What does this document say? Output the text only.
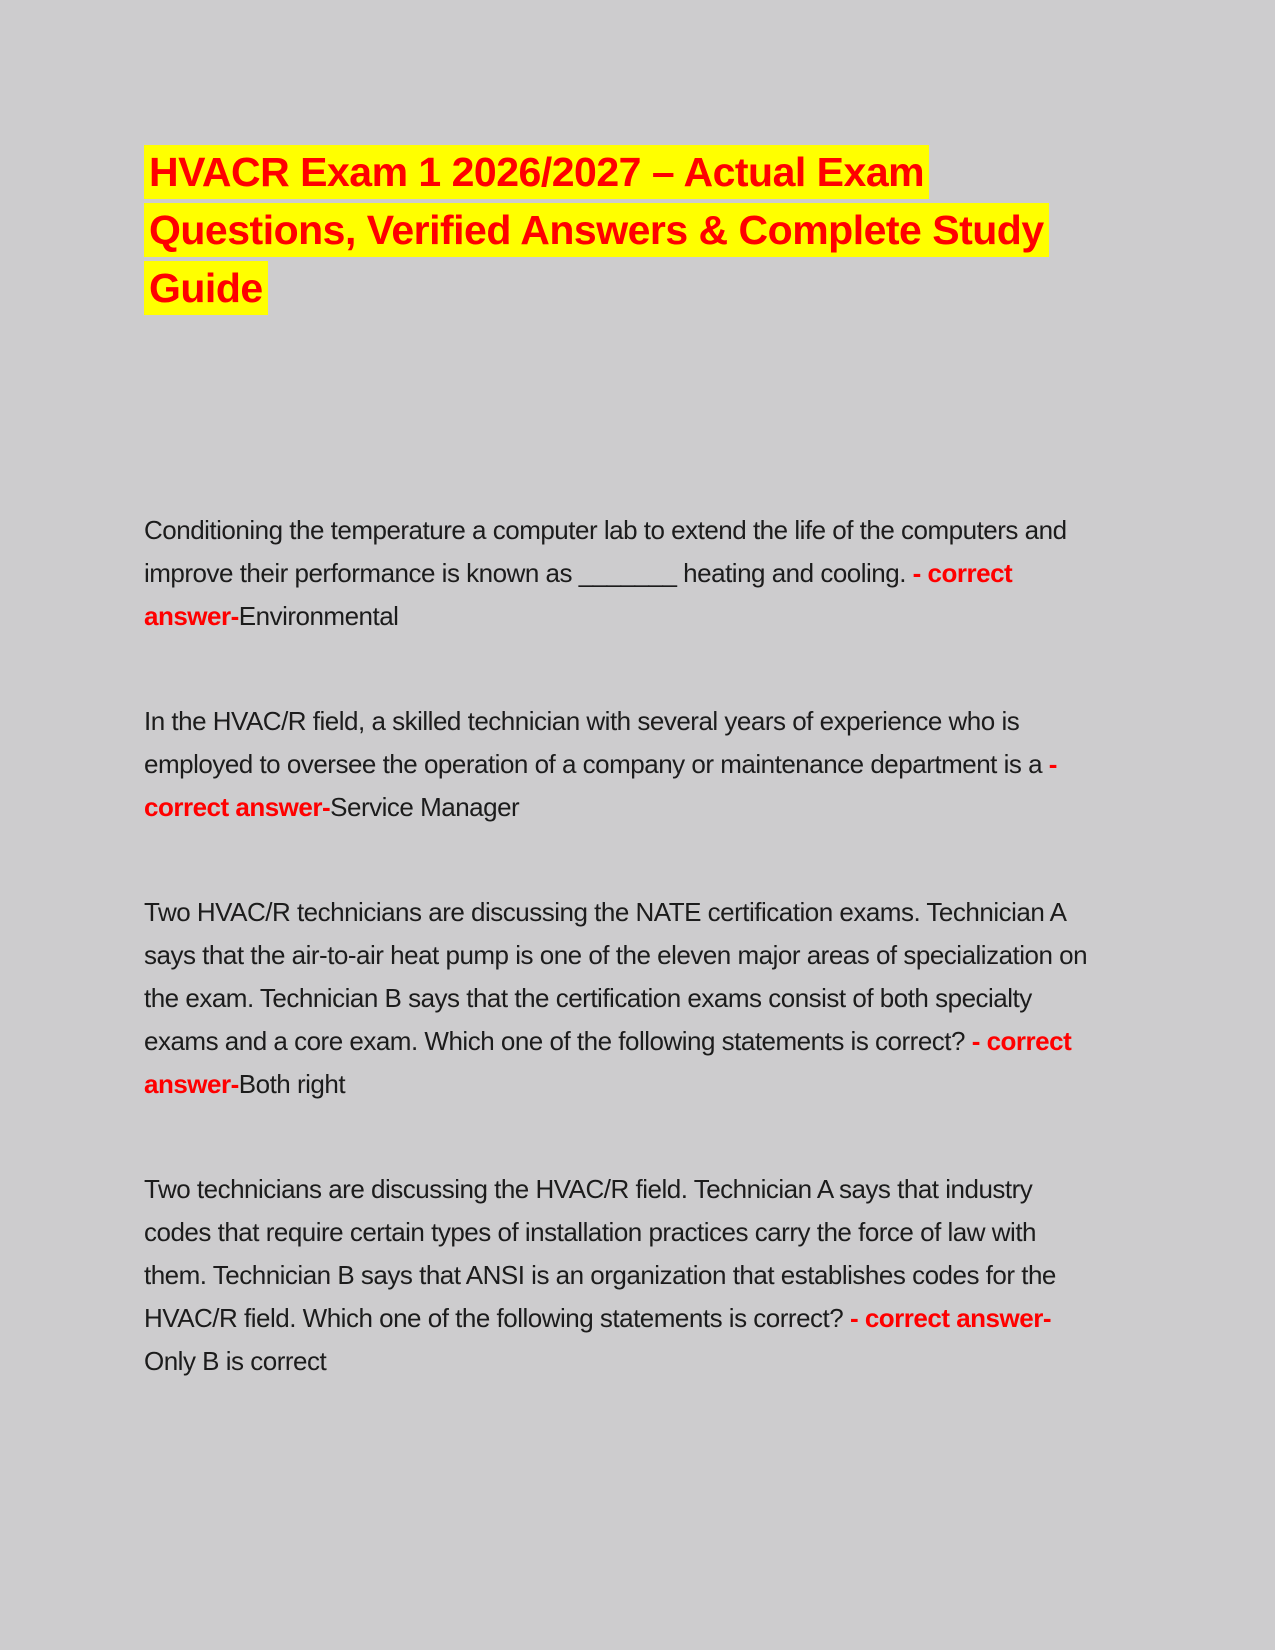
HVACR Exam 1 2026/2027 – Actual Exam Questions, Verified Answers & Complete Study Guide

Conditioning the temperature a computer lab to extend the life of the computers and improve their performance is known as _______ heating and cooling. - correct answer-Environmental

In the HVAC/R field, a skilled technician with several years of experience who is employed to oversee the operation of a company or maintenance department is a - correct answer-Service Manager

Two HVAC/R technicians are discussing the NATE certification exams. Technician A says that the air-to-air heat pump is one of the eleven major areas of specialization on the exam. Technician B says that the certification exams consist of both specialty exams and a core exam. Which one of the following statements is correct? - correct answer-Both right

Two technicians are discussing the HVAC/R field. Technician A says that industry codes that require certain types of installation practices carry the force of law with them. Technician B says that ANSI is an organization that establishes codes for the HVAC/R field. Which one of the following statements is correct? - correct answer-Only B is correct
